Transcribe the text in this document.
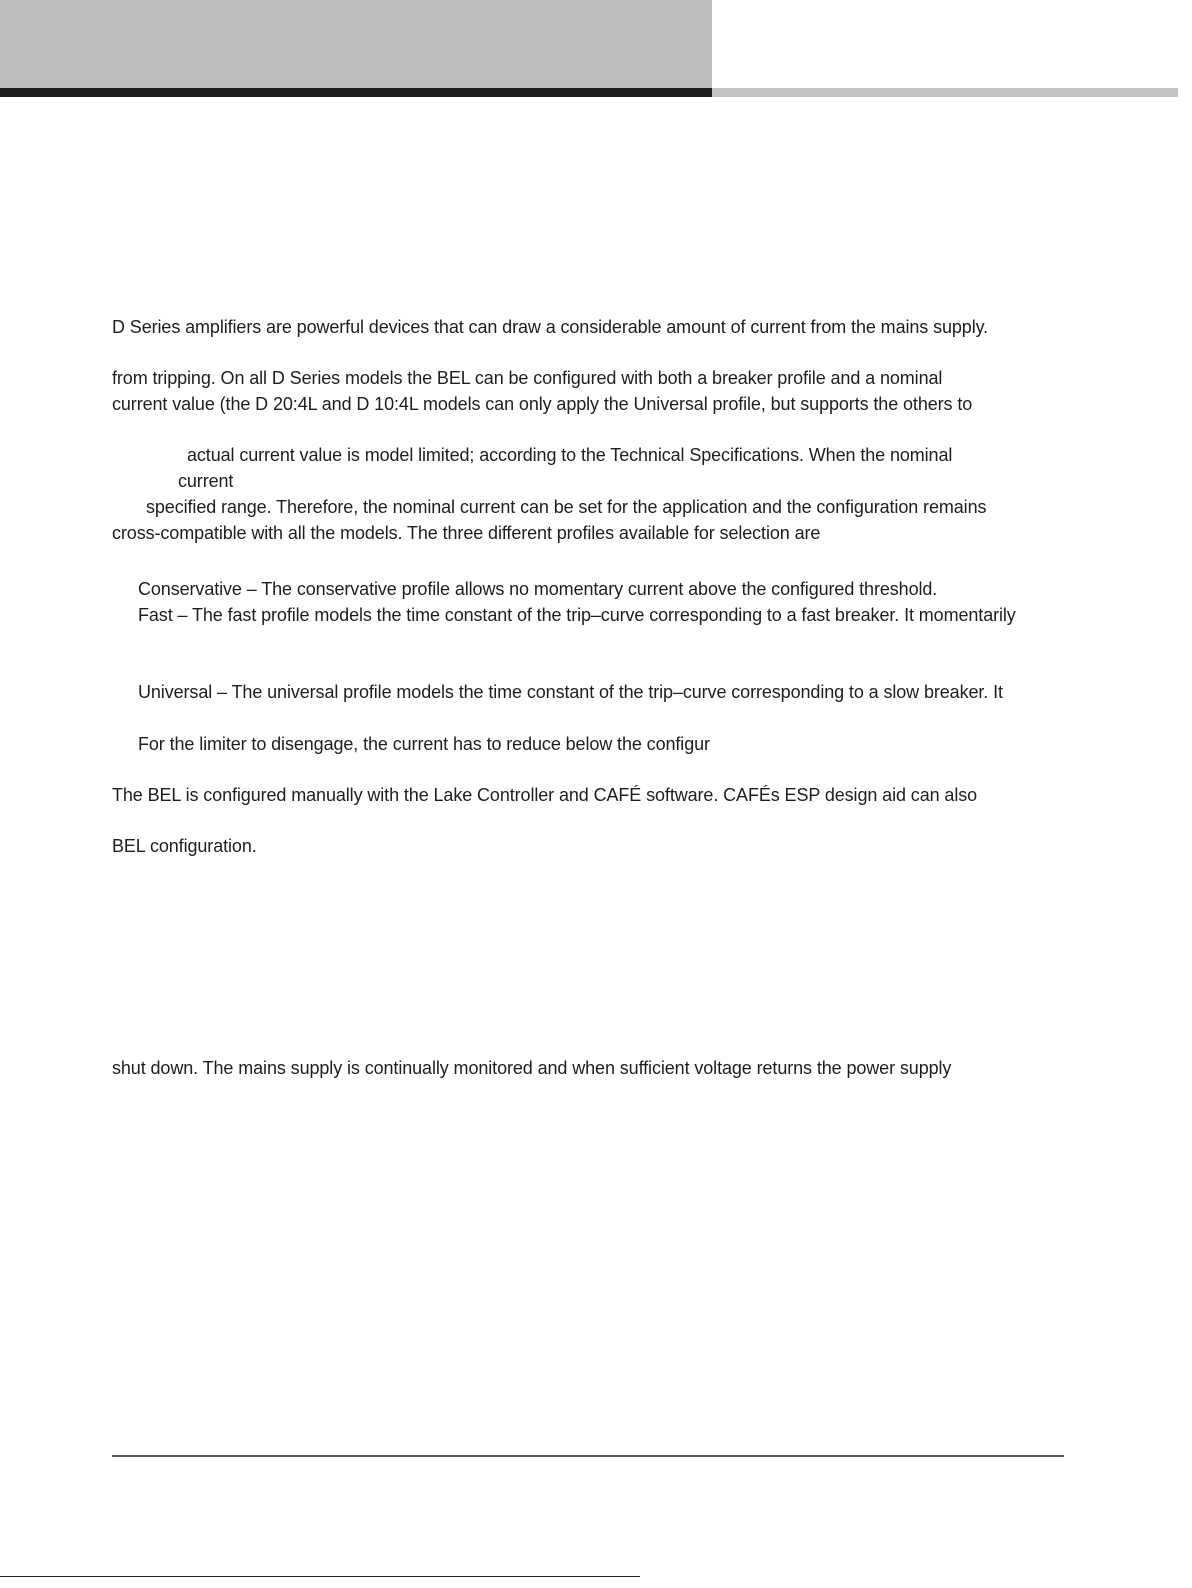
D Series amplifiers are powerful devices that can draw a considerable amount of current from the mains supply.
from tripping. On all D Series models the BEL can be configured with both a breaker profile and a nominal
current value (the D 20:4L and D 10:4L models can only apply the Universal profile, but supports the others to
actual current value is model limited; according to the Technical Specifications. When the nominal
current
specified range. Therefore, the nominal current can be set for the application and the configuration remains
cross-compatible with all the models. The three different profiles available for selection are
Conservative – The conservative profile allows no momentary current above the configured threshold.
Fast – The fast profile models the time constant of the trip–curve corresponding to a fast breaker. It momentarily
Universal – The universal profile models the time constant of the trip–curve corresponding to a slow breaker. It
For the limiter to disengage, the current has to reduce below the configur
The BEL is configured manually with the Lake Controller and CAFÉ software. CAFÉs ESP design aid can also
BEL configuration.
shut down. The mains supply is continually monitored and when sufficient voltage returns the power supply
